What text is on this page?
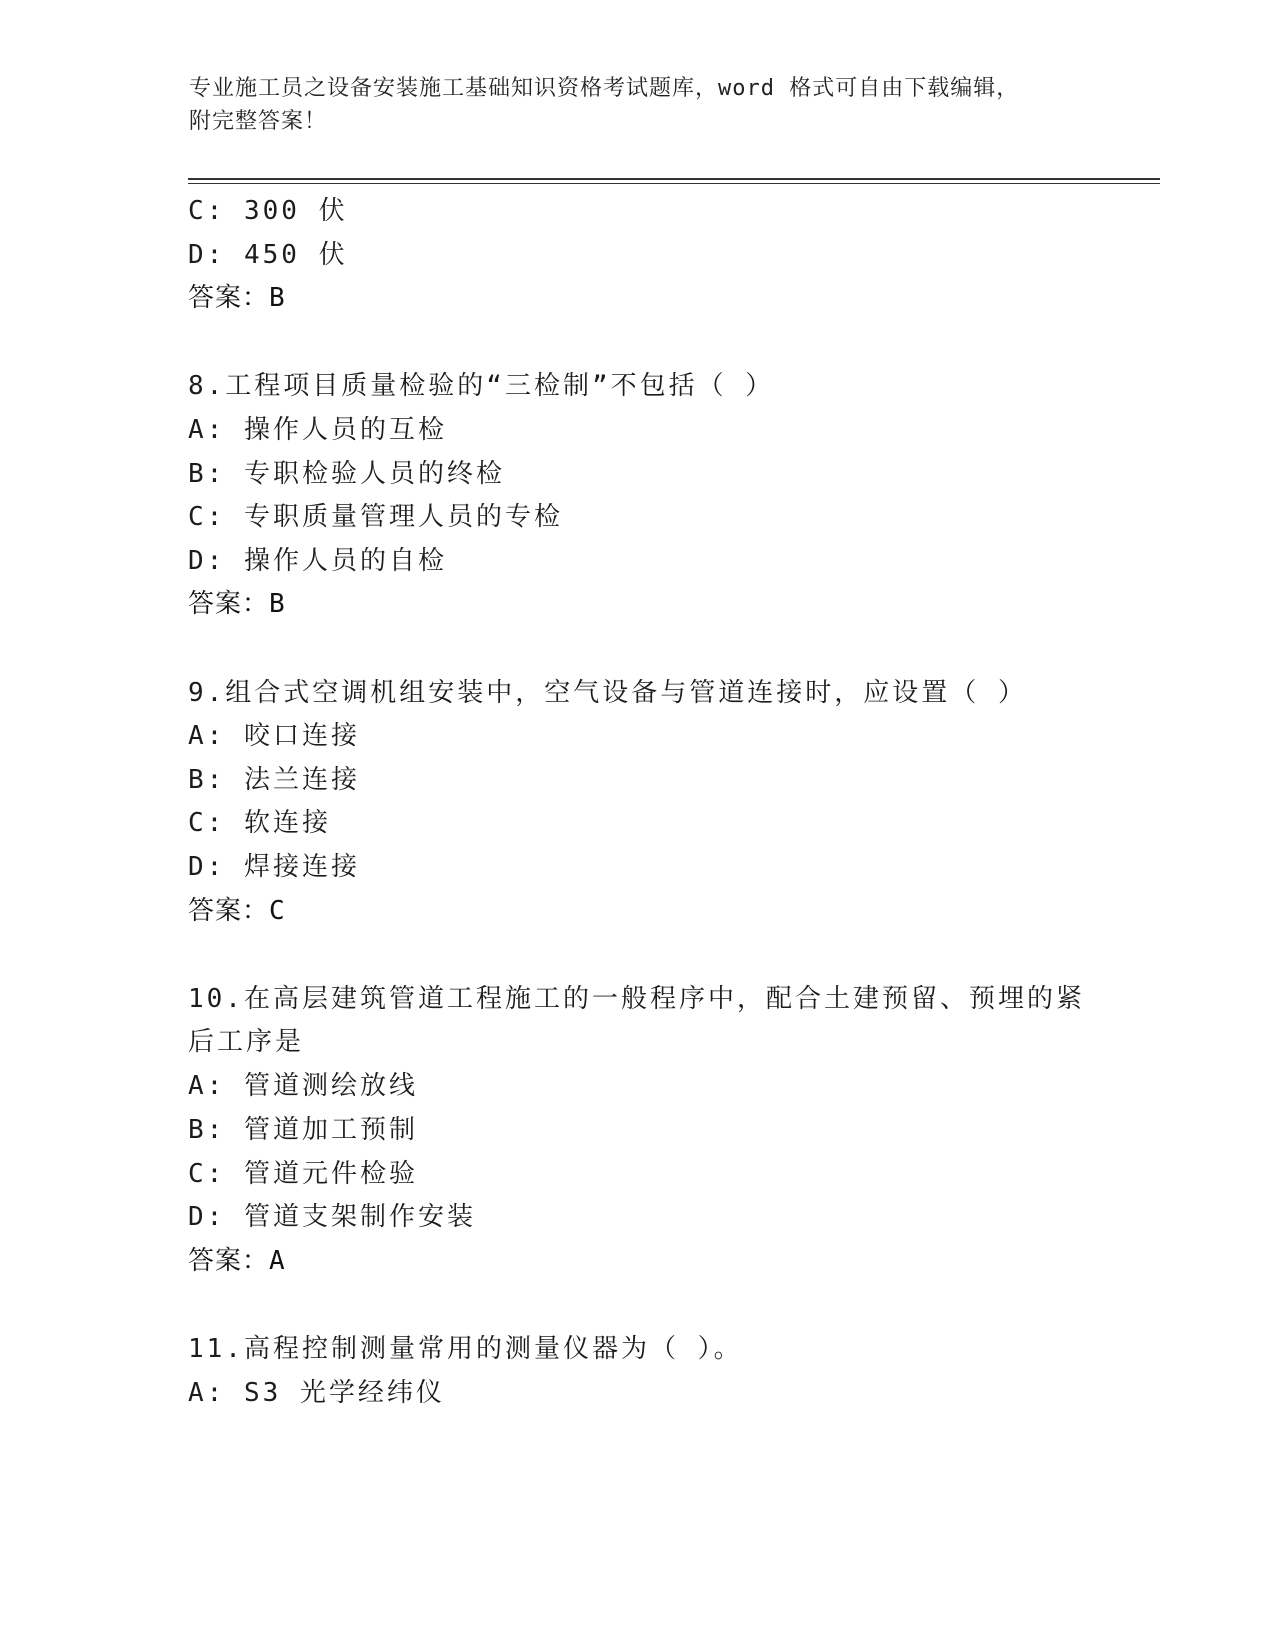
专业施工员之设备安装施工基础知识资格考试题库，word 格式可自由下载编辑，
附完整答案！
C: 300 伏
D: 450 伏
答案：B
8.工程项目质量检验的“三检制”不包括（ ）
A: 操作人员的互检
B: 专职检验人员的终检
C: 专职质量管理人员的专检
D: 操作人员的自检
答案：B
9.组合式空调机组安装中，空气设备与管道连接时，应设置（ ）
A: 咬口连接
B: 法兰连接
C: 软连接
D: 焊接连接
答案：C
10.在高层建筑管道工程施工的一般程序中，配合土建预留、预埋的紧
后工序是
A: 管道测绘放线
B: 管道加工预制
C: 管道元件检验
D: 管道支架制作安装
答案：A
11.高程控制测量常用的测量仪器为（ ）。
A: S3 光学经纬仪
